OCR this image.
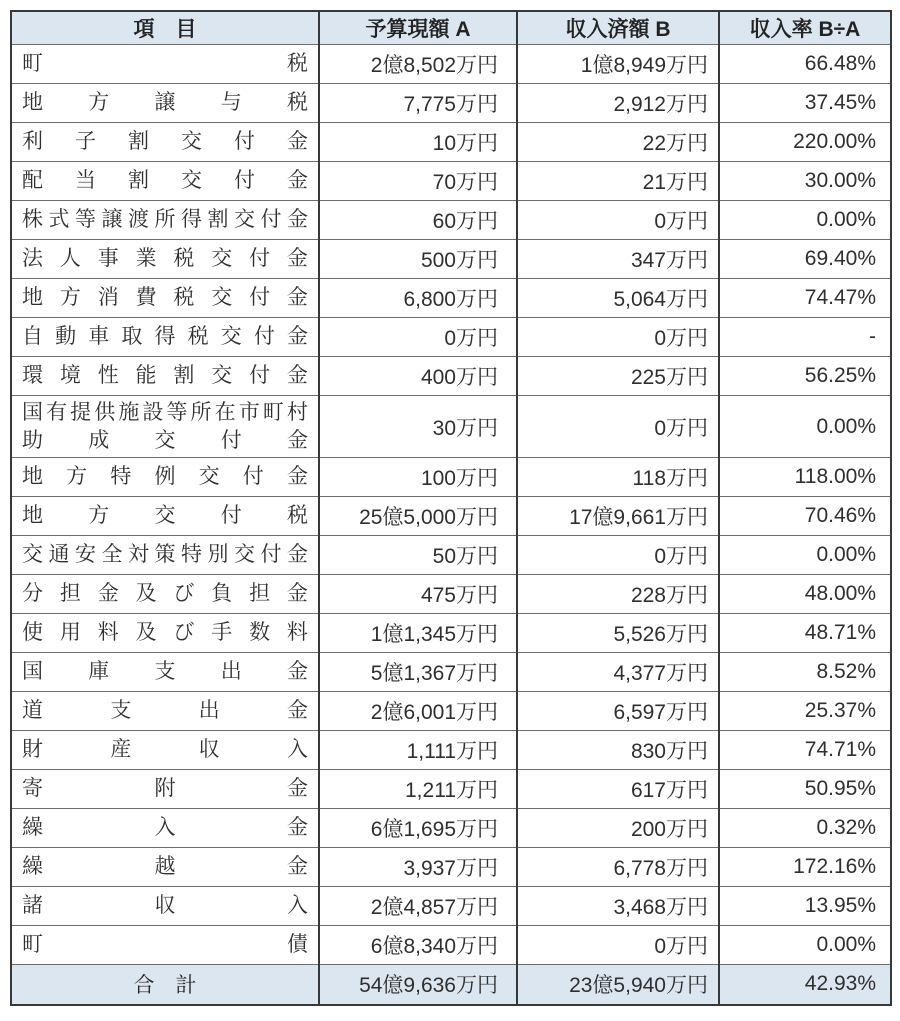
項　目	予算現額 A	収入済額 B	収入率 B÷A

町 税	2億8,502万円	1億8,949万円	66.48%

地 方 譲 与 税	7,775万円	2,912万円	37.45%

利 子 割 交 付 金	10万円	22万円	220.00%

配 当 割 交 付 金	70万円	21万円	30.00%

株 式 等 譲 渡 所 得 割 交 付 金	60万円	0万円	0.00%

法 人 事 業 税 交 付 金	500万円	347万円	69.40%

地 方 消 費 税 交 付 金	6,800万円	5,064万円	74.47%

自 動 車 取 得 税 交 付 金	0万円	0万円	-

環 境 性 能 割 交 付 金	400万円	225万円	56.25%

国 有 提 供 施 設 等 所 在 市 町 村
助 成 交 付 金
	30万円	0万円	0.00%

地 方 特 例 交 付 金	100万円	118万円	118.00%

地 方 交 付 税	25億5,000万円	17億9,661万円	70.46%

交 通 安 全 対 策 特 別 交 付 金	50万円	0万円	0.00%

分 担 金 及 び 負 担 金	475万円	228万円	48.00%

使 用 料 及 び 手 数 料	1億1,345万円	5,526万円	48.71%

国 庫 支 出 金	5億1,367万円	4,377万円	8.52%

道 支 出 金	2億6,001万円	6,597万円	25.37%

財 産 収 入	1,111万円	830万円	74.71%

寄 附 金	1,211万円	617万円	50.95%

繰 入 金	6億1,695万円	200万円	0.32%

繰 越 金	3,937万円	6,778万円	172.16%

諸 収 入	2億4,857万円	3,468万円	13.95%

町 債	6億8,340万円	0万円	0.00%
合　計	54億9,636万円	23億5,940万円	42.93%
